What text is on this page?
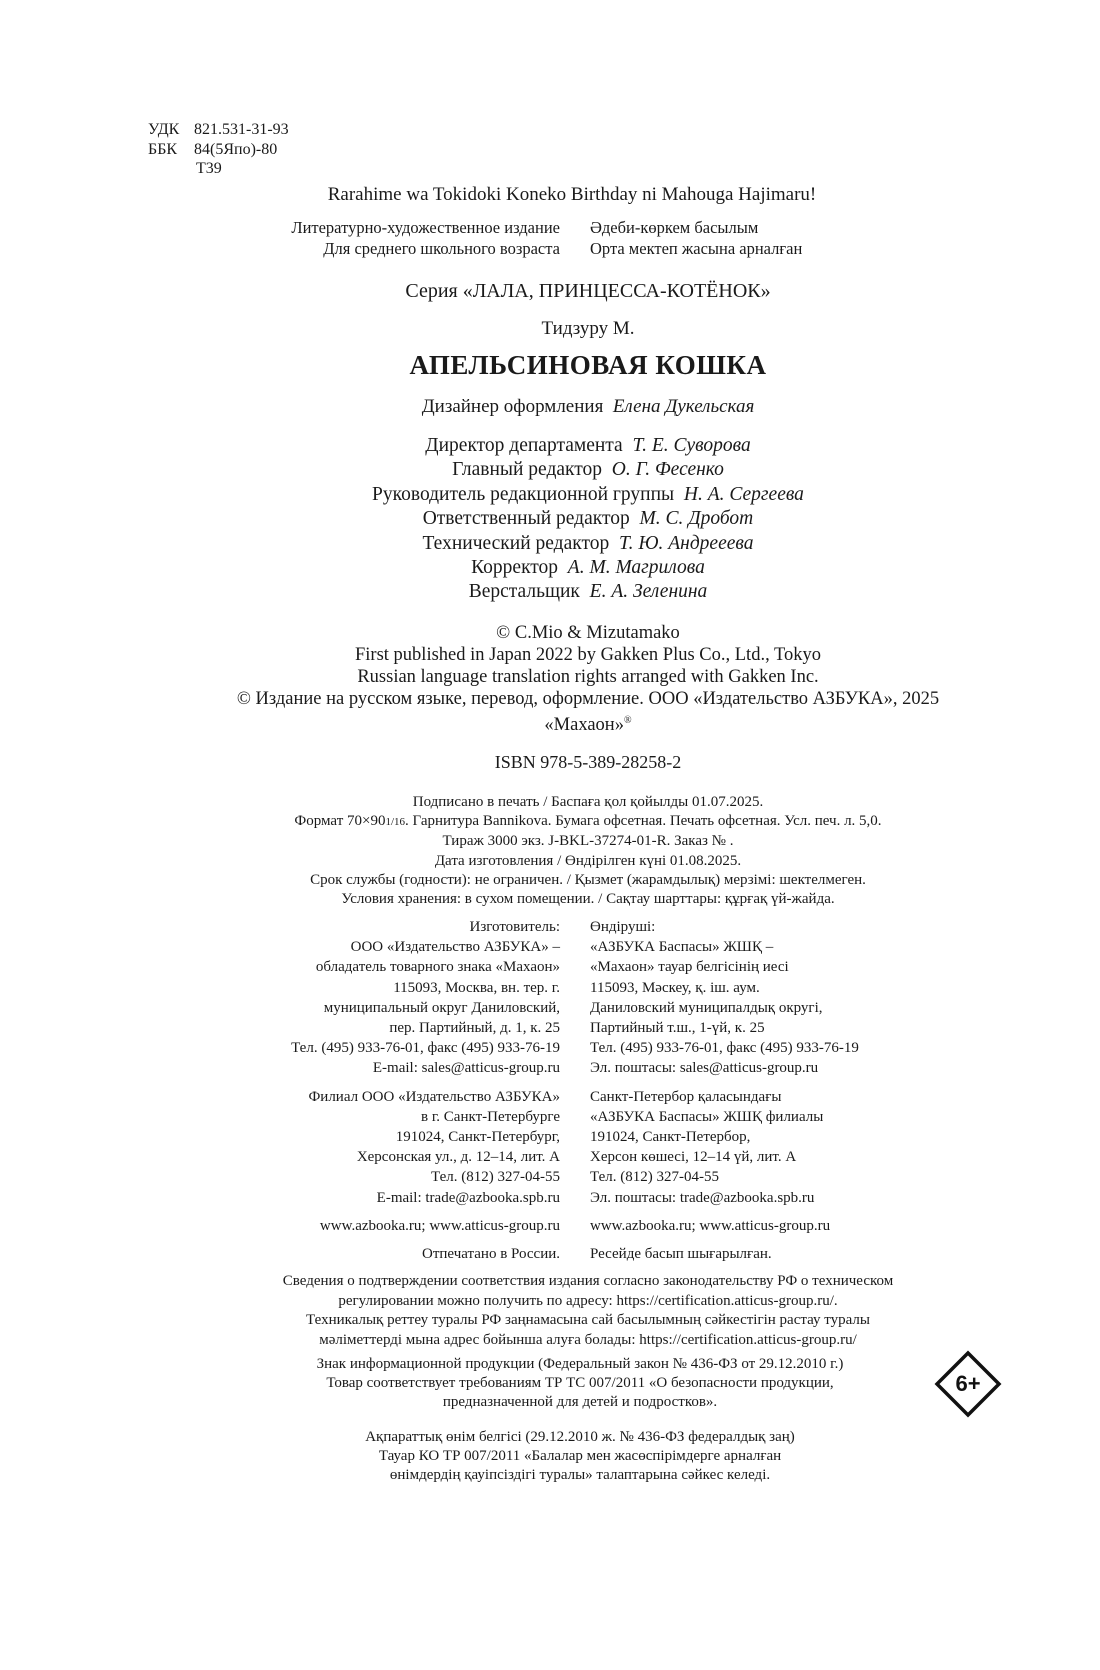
УДК 821.531-31-93
ББК 84(5Япо)-80
Т39
Rarahime wa Tokidoki Koneko Birthday ni Mahouga Hajimaru!
Литературно-художественное издание
Для среднего школьного возраста
Әдеби-көркем басылым
Орта мектеп жасына арналған
Серия «ЛАЛА, ПРИНЦЕССА-КОТЁНОК»
Тидзуру М.
АПЕЛЬСИНОВАЯ КОШКА
Дизайнер оформления Елена Дукельская
Директор департамента Т. Е. Суворова
Главный редактор О. Г. Фесенко
Руководитель редакционной группы Н. А. Сергеева
Ответственный редактор М. С. Дробот
Технический редактор Т. Ю. Андреeева
Корректор А. М. Магрилова
Верстальщик Е. А. Зеленина
© C.Mio & Mizutamako
First published in Japan 2022 by Gakken Plus Co., Ltd., Tokyo
Russian language translation rights arranged with Gakken Inc.
© Издание на русском языке, перевод, оформление. ООО «Издательство АЗБУКА», 2025
«Махаон»®
ISBN 978-5-389-28258-2
Подписано в печать / Баспаға қол қойылды 01.07.2025.
Формат 70×901/16. Гарнитура Bannikova. Бумага офсетная. Печать офсетная. Усл. печ. л. 5,0.
Тираж 3000 экз. J-BKL-37274-01-R. Заказ № .
Дата изготовления / Өндірілген күні 01.08.2025.
Срок службы (годности): не ограничен. / Қызмет (жарамдылық) мерзімі: шектелмеген.
Условия хранения: в сухом помещении. / Сақтау шарттары: құрғақ үй-жайда.
Изготовитель:
ООО «Издательство АЗБУКА» –
обладатель товарного знака «Махаон»
115093, Москва, вн. тер. г.
муниципальный округ Даниловский,
пер. Партийный, д. 1, к. 25
Тел. (495) 933-76-01, факс (495) 933-76-19
E-mail: sales@atticus-group.ru
Филиал ООО «Издательство АЗБУКА»
в г. Санкт-Петербурге
191024, Санкт-Петербург,
Херсонская ул., д. 12–14, лит. А
Тел. (812) 327-04-55
E-mail: trade@azbooka.spb.ru
www.azbooka.ru; www.atticus-group.ru
Отпечатано в России.
Өндіруші:
«АЗБУКА Баспасы» ЖШҚ –
«Махаон» тауар белгісінің иесі
115093, Мәскеу, қ. іш. аум.
Даниловский муниципалдық округі,
Партийный т.ш., 1-үй, к. 25
Тел. (495) 933-76-01, факс (495) 933-76-19
Эл. поштасы: sales@atticus-group.ru
Санкт-Петербор қаласындағы
«АЗБУКА Баспасы» ЖШҚ филиалы
191024, Санкт-Петербор,
Херсон көшесі, 12–14 үй, лит. А
Тел. (812) 327-04-55
Эл. поштасы: trade@azbooka.spb.ru
www.azbooka.ru; www.atticus-group.ru
Ресейде басып шығарылған.
Сведения о подтверждении соответствия издания согласно законодательству РФ о техническом
регулировании можно получить по адресу: https://certification.atticus-group.ru/.
Техникалық реттеу туралы РФ заңнамасына сай басылымның сәйкестігін растау туралы
мәліметтерді мына адрес бойынша алуға болады: https://certification.atticus-group.ru/
Знак информационной продукции (Федеральный закон № 436-ФЗ от 29.12.2010 г.)
Товар соответствует требованиям ТР ТС 007/2011 «О безопасности продукции,
предназначенной для детей и подростков».
Ақпараттық өнім белгісі (29.12.2010 ж. № 436-ФЗ федералдық заң)
Тауар КО ТР 007/2011 «Балалар мен жасөспірімдерге арналған
өнімдердің қауіпсіздігі туралы» талаптарына сәйкес келеді.
6+
